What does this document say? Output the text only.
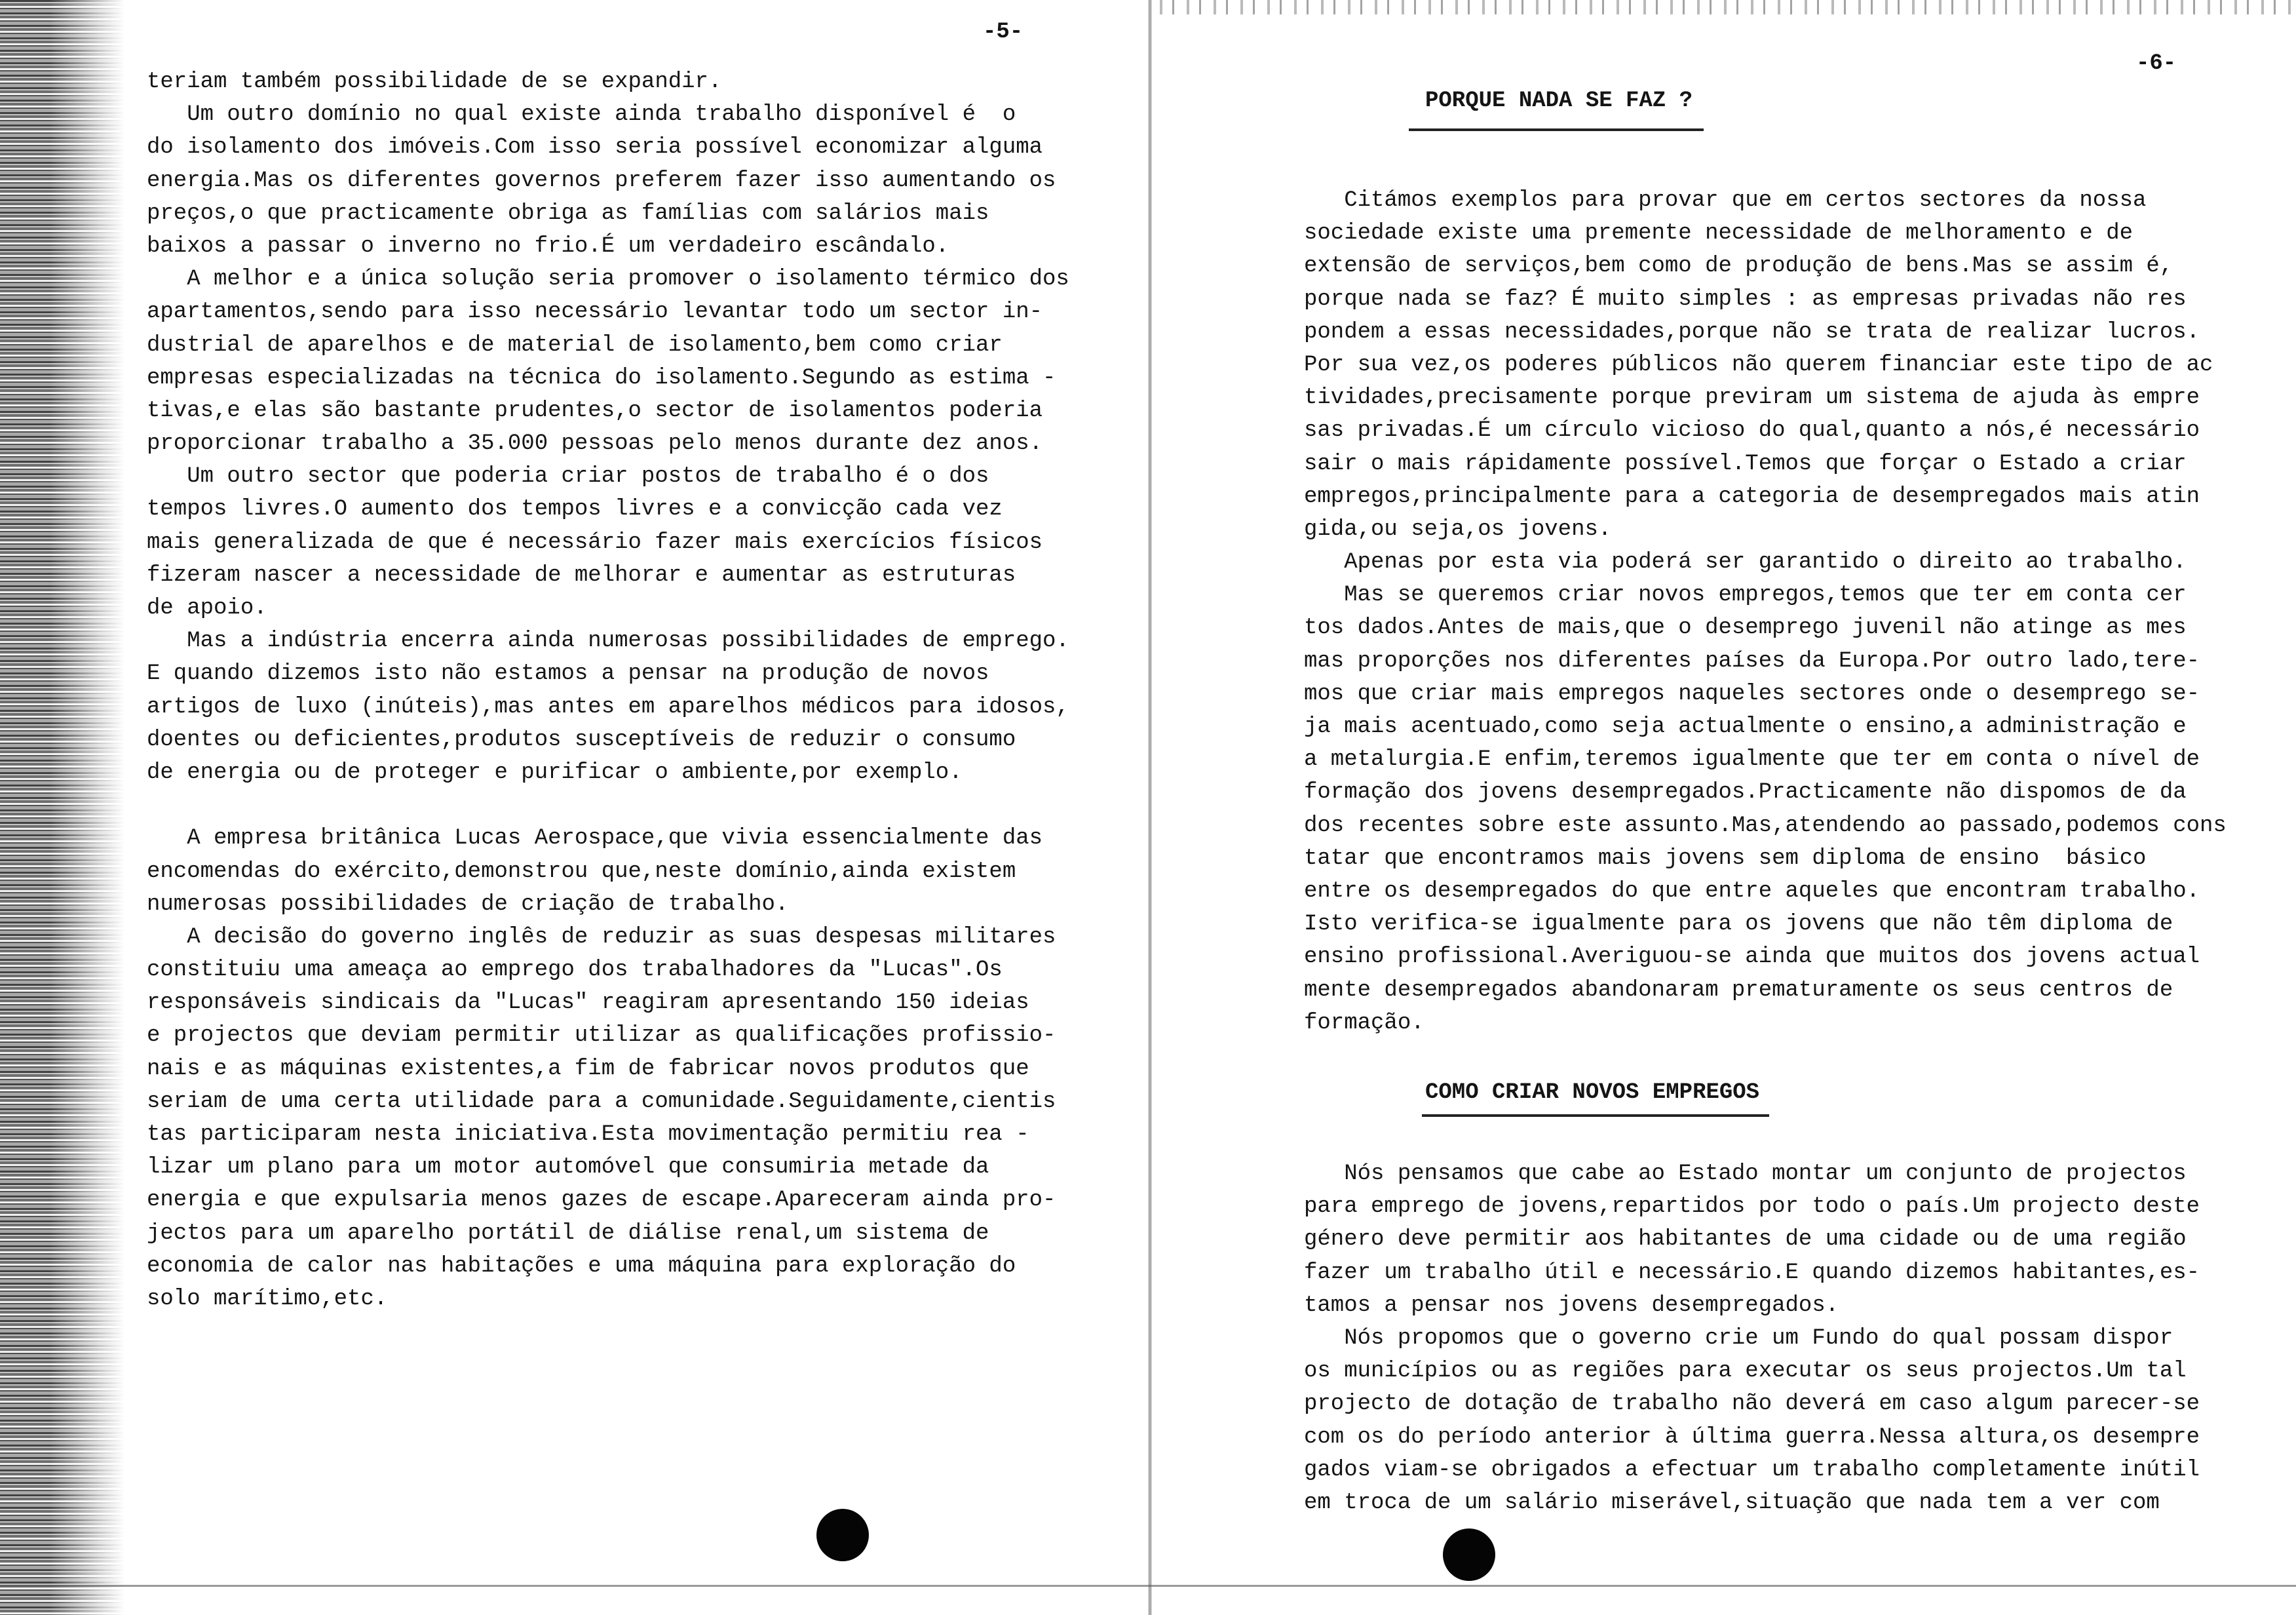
-5-
teriam também possibilidade de se expandir.
Um outro domínio no qual existe ainda trabalho disponível é  o
do isolamento dos imóveis.Com isso seria possível economizar alguma
energia.Mas os diferentes governos preferem fazer isso aumentando os
preços,o que practicamente obriga as famílias com salários mais
baixos a passar o inverno no frio.É um verdadeiro escândalo.
A melhor e a única solução seria promover o isolamento térmico dos
apartamentos,sendo para isso necessário levantar todo um sector in-
dustrial de aparelhos e de material de isolamento,bem como criar
empresas especializadas na técnica do isolamento.Segundo as estima -
tivas,e elas são bastante prudentes,o sector de isolamentos poderia
proporcionar trabalho a 35.000 pessoas pelo menos durante dez anos.
Um outro sector que poderia criar postos de trabalho é o dos
tempos livres.O aumento dos tempos livres e a convicção cada vez
mais generalizada de que é necessário fazer mais exercícios físicos
fizeram nascer a necessidade de melhorar e aumentar as estruturas
de apoio.
Mas a indústria encerra ainda numerosas possibilidades de emprego.
E quando dizemos isto não estamos a pensar na produção de novos
artigos de luxo (inúteis),mas antes em aparelhos médicos para idosos,
doentes ou deficientes,produtos susceptíveis de reduzir o consumo
de energia ou de proteger e purificar o ambiente,por exemplo.
A empresa britânica Lucas Aerospace,que vivia essencialmente das
encomendas do exército,demonstrou que,neste domínio,ainda existem
numerosas possibilidades de criação de trabalho.
A decisão do governo inglês de reduzir as suas despesas militares
constituiu uma ameaça ao emprego dos trabalhadores da "Lucas".Os
responsáveis sindicais da "Lucas" reagiram apresentando 150 ideias
e projectos que deviam permitir utilizar as qualificações profissio-
nais e as máquinas existentes,a fim de fabricar novos produtos que
seriam de uma certa utilidade para a comunidade.Seguidamente,cientis
tas participaram nesta iniciativa.Esta movimentação permitiu rea -
lizar um plano para um motor automóvel que consumiria metade da
energia e que expulsaria menos gazes de escape.Apareceram ainda pro-
jectos para um aparelho portátil de diálise renal,um sistema de
economia de calor nas habitações e uma máquina para exploração do
solo marítimo,etc.
-6-
PORQUE NADA SE FAZ ?
Citámos exemplos para provar que em certos sectores da nossa
sociedade existe uma premente necessidade de melhoramento e de
extensão de serviços,bem como de produção de bens.Mas se assim é,
porque nada se faz? É muito simples : as empresas privadas não res
pondem a essas necessidades,porque não se trata de realizar lucros.
Por sua vez,os poderes públicos não querem financiar este tipo de ac
tividades,precisamente porque previram um sistema de ajuda às empre
sas privadas.É um círculo vicioso do qual,quanto a nós,é necessário
sair o mais rápidamente possível.Temos que forçar o Estado a criar
empregos,principalmente para a categoria de desempregados mais atin
gida,ou seja,os jovens.
Apenas por esta via poderá ser garantido o direito ao trabalho.
Mas se queremos criar novos empregos,temos que ter em conta cer
tos dados.Antes de mais,que o desemprego juvenil não atinge as mes
mas proporções nos diferentes países da Europa.Por outro lado,tere-
mos que criar mais empregos naqueles sectores onde o desemprego se-
ja mais acentuado,como seja actualmente o ensino,a administração e
a metalurgia.E enfim,teremos igualmente que ter em conta o nível de
formação dos jovens desempregados.Practicamente não dispomos de da
dos recentes sobre este assunto.Mas,atendendo ao passado,podemos cons
tatar que encontramos mais jovens sem diploma de ensino  básico
entre os desempregados do que entre aqueles que encontram trabalho.
Isto verifica-se igualmente para os jovens que não têm diploma de
ensino profissional.Averiguou-se ainda que muitos dos jovens actual
mente desempregados abandonaram prematuramente os seus centros de
formação.
COMO CRIAR NOVOS EMPREGOS
Nós pensamos que cabe ao Estado montar um conjunto de projectos
para emprego de jovens,repartidos por todo o país.Um projecto deste
género deve permitir aos habitantes de uma cidade ou de uma região
fazer um trabalho útil e necessário.E quando dizemos habitantes,es-
tamos a pensar nos jovens desempregados.
Nós propomos que o governo crie um Fundo do qual possam dispor
os municípios ou as regiões para executar os seus projectos.Um tal
projecto de dotação de trabalho não deverá em caso algum parecer-se
com os do período anterior à última guerra.Nessa altura,os desempre
gados viam-se obrigados a efectuar um trabalho completamente inútil
em troca de um salário miserável,situação que nada tem a ver com
